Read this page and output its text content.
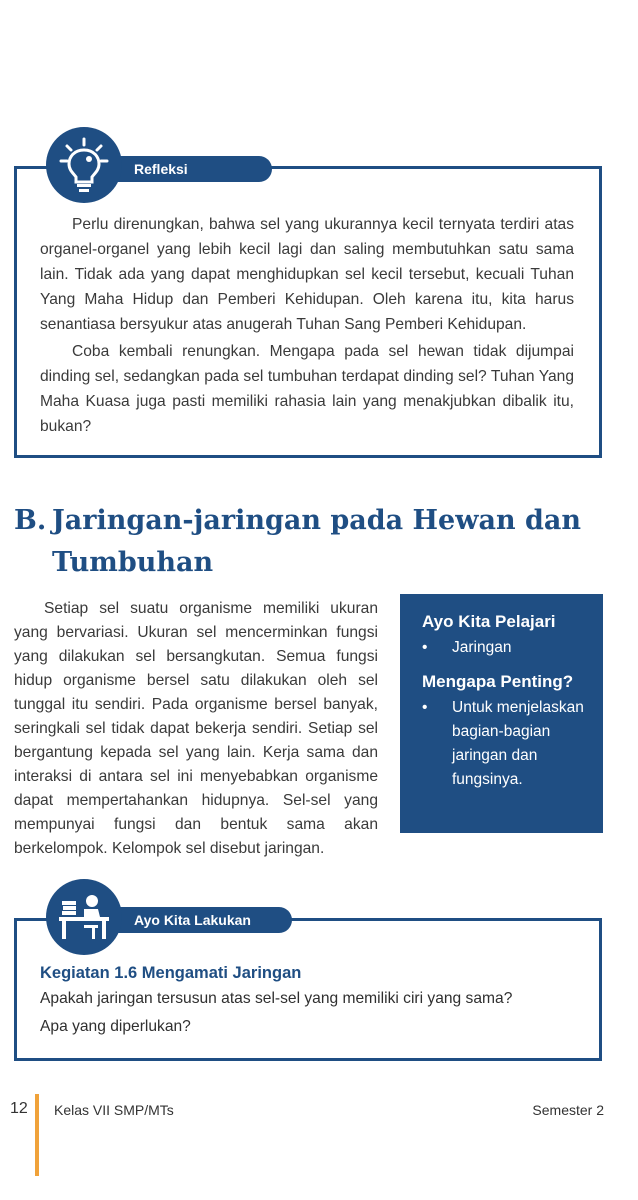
Refleksi

Perlu direnungkan, bahwa sel yang ukurannya kecil ternyata terdiri atas organel-organel yang lebih kecil lagi dan saling membutuhkan satu sama lain. Tidak ada yang dapat menghidupkan sel kecil tersebut, kecuali Tuhan Yang Maha Hidup dan Pemberi Kehidupan. Oleh karena itu, kita harus senantiasa bersyukur atas anugerah Tuhan Sang Pemberi Kehidupan.

Coba kembali renungkan. Mengapa pada sel hewan tidak dijumpai dinding sel, sedangkan pada sel tumbuhan terdapat dinding sel? Tuhan Yang Maha Kuasa juga pasti memiliki rahasia lain yang menakjubkan dibalik itu, bukan?

B. Jaringan-jaringan pada Hewan dan
Tumbuhan
Setiap sel suatu organisme memiliki ukuran yang bervariasi. Ukuran sel mencerminkan fungsi yang dilakukan sel bersangkutan. Semua fungsi hidup organisme bersel satu dilakukan oleh sel tunggal itu sendiri. Pada organisme bersel banyak, seringkali sel tidak dapat bekerja sendiri. Setiap sel bergantung kepada sel yang lain. Kerja sama dan interaksi di antara sel ini menyebabkan organisme dapat mempertahankan hidupnya. Sel-sel yang mempunyai fungsi dan bentuk sama akan berkelompok. Kelompok sel disebut jaringan.
Ayo Kita Pelajari
• Jaringan
Mengapa Penting?
• Untuk menjelaskan bagian-bagian jaringan dan fungsinya.
Ayo Kita Lakukan
Kegiatan 1.6 Mengamati Jaringan
Apakah jaringan tersusun atas sel-sel yang memiliki ciri yang sama?
Apa yang diperlukan?
12 Kelas VII SMP/MTs	Semester 2
